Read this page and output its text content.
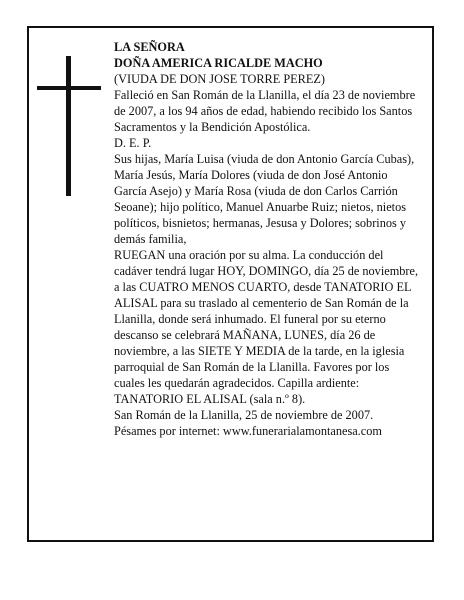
LA SEÑORA

DOÑA AMERICA RICALDE MACHO

(VIUDA DE DON JOSE TORRE PEREZ)

Falleció en San Román de la Llanilla, el día 23 de noviembre de 2007, a los 94 años de edad, habiendo recibido los Santos Sacramentos y la Bendición Apostólica.

D. E. P.

Sus hijas, María Luisa (viuda de don Antonio García Cubas), María Jesús, María Dolores (viuda de don José Antonio García Asejo) y María Rosa (viuda de don Carlos Carrión Seoane); hijo político, Manuel Anuarbe Ruiz; nietos, nietos políticos, bisnietos; hermanas, Jesusa y Dolores; sobrinos y demás familia,

RUEGAN una oración por su alma. La conducción del cadáver tendrá lugar HOY, DOMINGO, día 25 de noviembre, a las CUATRO MENOS CUARTO, desde TANATORIO EL ALISAL para su traslado al cementerio de San Román de la Llanilla, donde será inhumado. El funeral por su eterno descanso se celebrará MAÑANA, LUNES, día 26 de noviembre, a las SIETE Y MEDIA de la tarde, en la iglesia parroquial de San Román de la Llanilla. Favores por los cuales les quedarán agradecidos. Capilla ardiente: TANATORIO EL ALISAL (sala n.º 8).

San Román de la Llanilla, 25 de noviembre de 2007.

Pésames por internet: www.funerarialamontanesa.com
